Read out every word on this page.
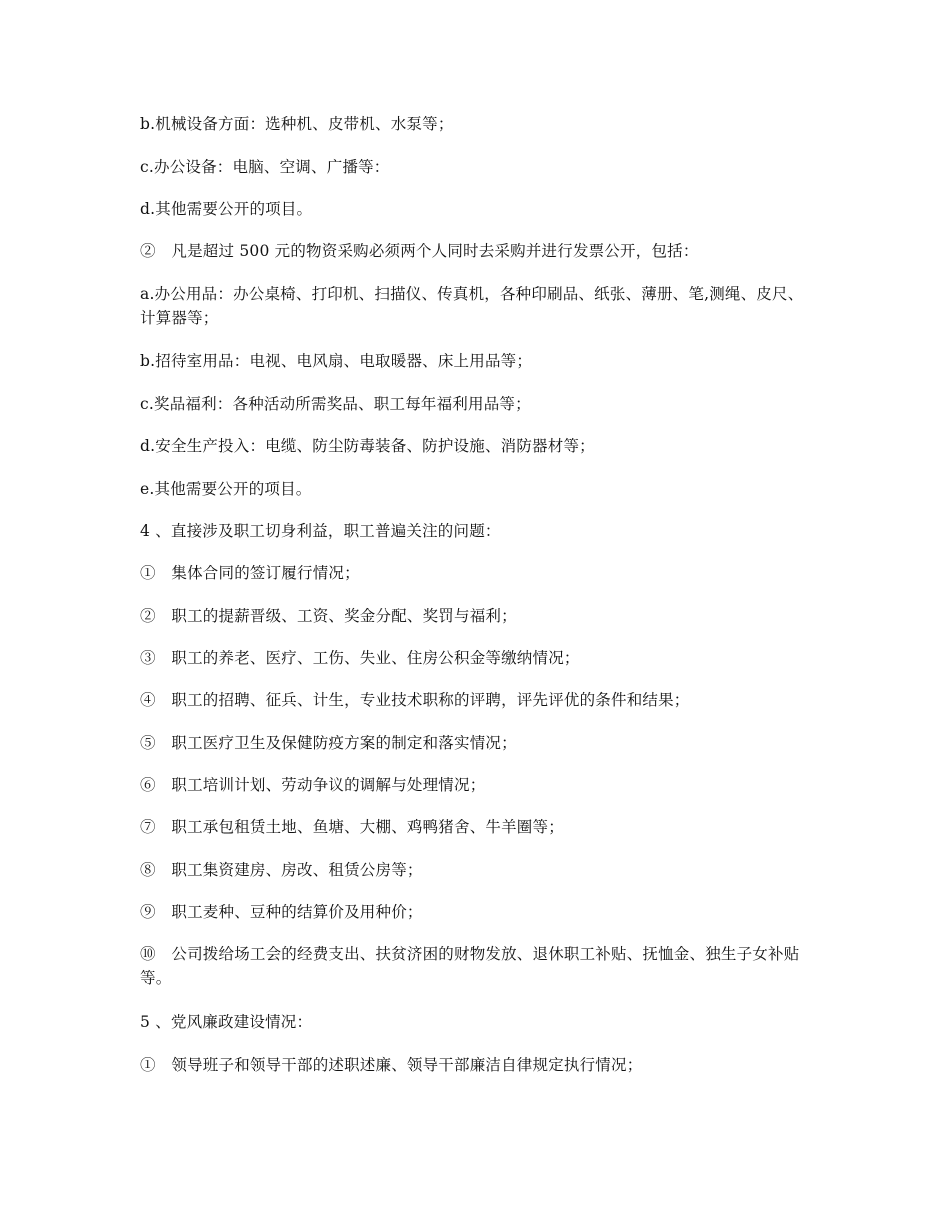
b.机械设备方面：选种机、皮带机、水泵等；
c.办公设备：电脑、空调、广播等：
d.其他需要公开的项目。
②　凡是超过 500 元的物资采购必须两个人同时去采购并进行发票公开，包括：
a.办公用品：办公桌椅、打印机、扫描仪、传真机，各种印刷品、纸张、薄册、笔,测绳、皮尺、计算器等；
b.招待室用品：电视、电风扇、电取暖器、床上用品等；
c.奖品福利：各种活动所需奖品、职工每年福利用品等；
d.安全生产投入：电缆、防尘防毒装备、防护设施、消防器材等；
e.其他需要公开的项目。
4 、直接涉及职工切身利益，职工普遍关注的问题：
①　集体合同的签订履行情况；
②　职工的提薪晋级、工资、奖金分配、奖罚与福利；
③　职工的养老、医疗、工伤、失业、住房公积金等缴纳情况；
④　职工的招聘、征兵、计生，专业技术职称的评聘，评先评优的条件和结果；
⑤　职工医疗卫生及保健防疫方案的制定和落实情况；
⑥　职工培训计划、劳动争议的调解与处理情况；
⑦　职工承包租赁土地、鱼塘、大棚、鸡鸭猪舍、牛羊圈等；
⑧　职工集资建房、房改、租赁公房等；
⑨　职工麦种、豆种的结算价及用种价；
⑩　公司拨给场工会的经费支出、扶贫济困的财物发放、退休职工补贴、抚恤金、独生子女补贴等。
5 、党风廉政建设情况：
①　领导班子和领导干部的述职述廉、领导干部廉洁自律规定执行情况；
